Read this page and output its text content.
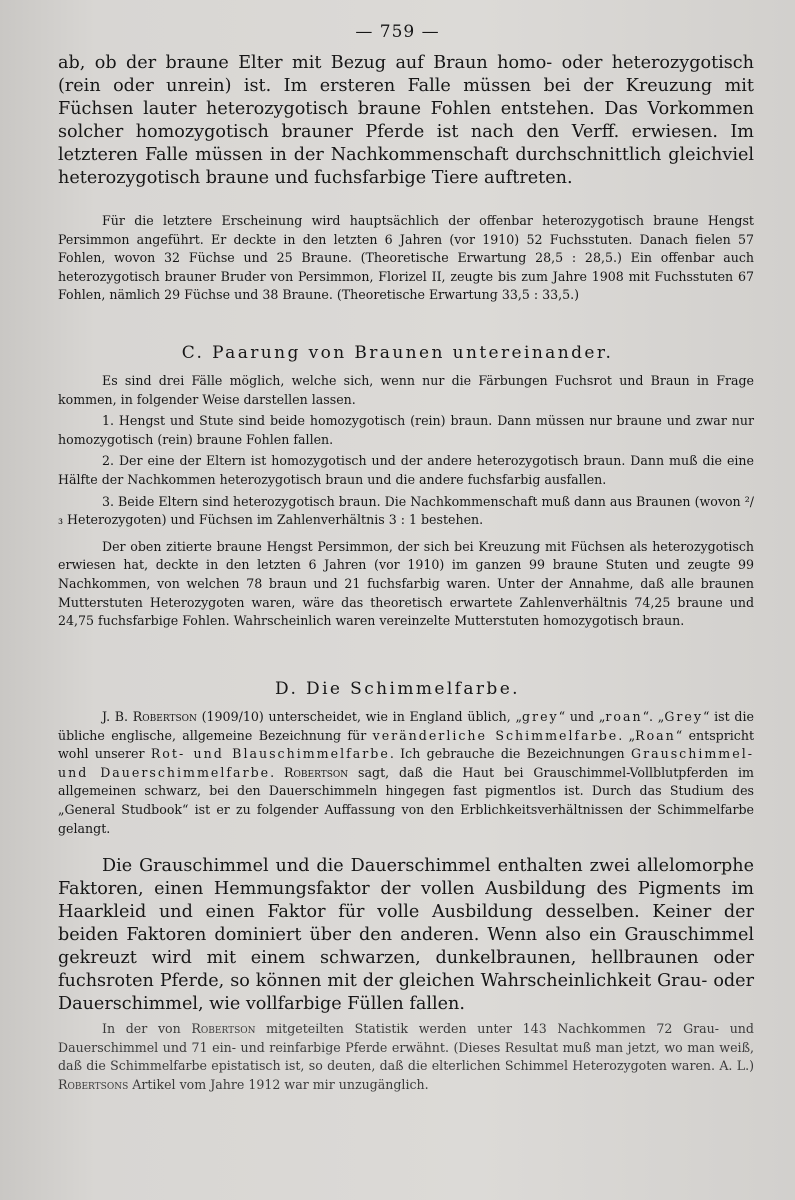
— 759 —

ab, ob der braune Elter mit Bezug auf Braun homo- oder heterozygotisch (rein oder unrein) ist. Im ersteren Falle müssen bei der Kreuzung mit Füchsen lauter heterozygotisch braune Fohlen entstehen. Das Vorkommen solcher homozygotisch brauner Pferde ist nach den Verff. erwiesen. Im letzteren Falle müssen in der Nachkommenschaft durchschnittlich gleichviel heterozygotisch braune und fuchsfarbige Tiere auftreten.

Für die letztere Erscheinung wird hauptsächlich der offenbar heterozygotisch braune Hengst Persimmon angeführt. Er deckte in den letzten 6 Jahren (vor 1910) 52 Fuchsstuten. Danach fielen 57 Fohlen, wovon 32 Füchse und 25 Braune. (Theoretische Erwartung 28,5 : 28,5.) Ein offenbar auch heterozygotisch brauner Bruder von Persimmon, Florizel II, zeugte bis zum Jahre 1908 mit Fuchsstuten 67 Fohlen, nämlich 29 Füchse und 38 Braune. (Theoretische Erwartung 33,5 : 33,5.)

C. Paarung von Braunen untereinander.

Es sind drei Fälle möglich, welche sich, wenn nur die Färbungen Fuchsrot und Braun in Frage kommen, in folgender Weise darstellen lassen.

1. Hengst und Stute sind beide homozygotisch (rein) braun. Dann müssen nur braune und zwar nur homozygotisch (rein) braune Fohlen fallen.

2. Der eine der Eltern ist homozygotisch und der andere heterozygotisch braun. Dann muß die eine Hälfte der Nachkommen heterozygotisch braun und die andere fuchsfarbig ausfallen.

3. Beide Eltern sind heterozygotisch braun. Die Nachkommenschaft muß dann aus Braunen (wovon ²/₃ Heterozygoten) und Füchsen im Zahlenverhältnis 3 : 1 bestehen.

Der oben zitierte braune Hengst Persimmon, der sich bei Kreuzung mit Füchsen als heterozygotisch erwiesen hat, deckte in den letzten 6 Jahren (vor 1910) im ganzen 99 braune Stuten und zeugte 99 Nachkommen, von welchen 78 braun und 21 fuchsfarbig waren. Unter der Annahme, daß alle braunen Mutterstuten Heterozygoten waren, wäre das theoretisch erwartete Zahlenverhältnis 74,25 braune und 24,75 fuchsfarbige Fohlen. Wahrscheinlich waren vereinzelte Mutterstuten homozygotisch braun.

D. Die Schimmelfarbe.

J. B. Robertson (1909/10) unterscheidet, wie in England üblich, „grey“ und „roan“. „Grey“ ist die übliche englische, allgemeine Bezeichnung für veränderliche Schimmelfarbe. „Roan“ entspricht wohl unserer Rot- und Blauschimmelfarbe. Ich gebrauche die Bezeichnungen Grauschimmel- und Dauerschimmelfarbe. Robertson sagt, daß die Haut bei Grauschimmel-Vollblutpferden im allgemeinen schwarz, bei den Dauerschimmeln hingegen fast pigmentlos ist. Durch das Studium des „General Studbook“ ist er zu folgender Auffassung von den Erblichkeitsverhältnissen der Schimmelfarbe gelangt.

Die Grauschimmel und die Dauerschimmel enthalten zwei allelomorphe Faktoren, einen Hemmungsfaktor der vollen Ausbildung des Pigments im Haarkleid und einen Faktor für volle Ausbildung desselben. Keiner der beiden Faktoren dominiert über den anderen. Wenn also ein Grauschimmel gekreuzt wird mit einem schwarzen, dunkelbraunen, hellbraunen oder fuchsroten Pferde, so können mit der gleichen Wahrscheinlichkeit Grau- oder Dauerschimmel, wie vollfarbige Füllen fallen.

In der von Robertson mitgeteilten Statistik werden unter 143 Nachkommen 72 Grau- und Dauerschimmel und 71 ein- und reinfarbige Pferde erwähnt. (Dieses Resultat muß man jetzt, wo man weiß, daß die Schimmelfarbe epistatisch ist, so deuten, daß die elterlichen Schimmel Heterozygoten waren. A. L.) Robertsons Artikel vom Jahre 1912 war mir unzugänglich.
